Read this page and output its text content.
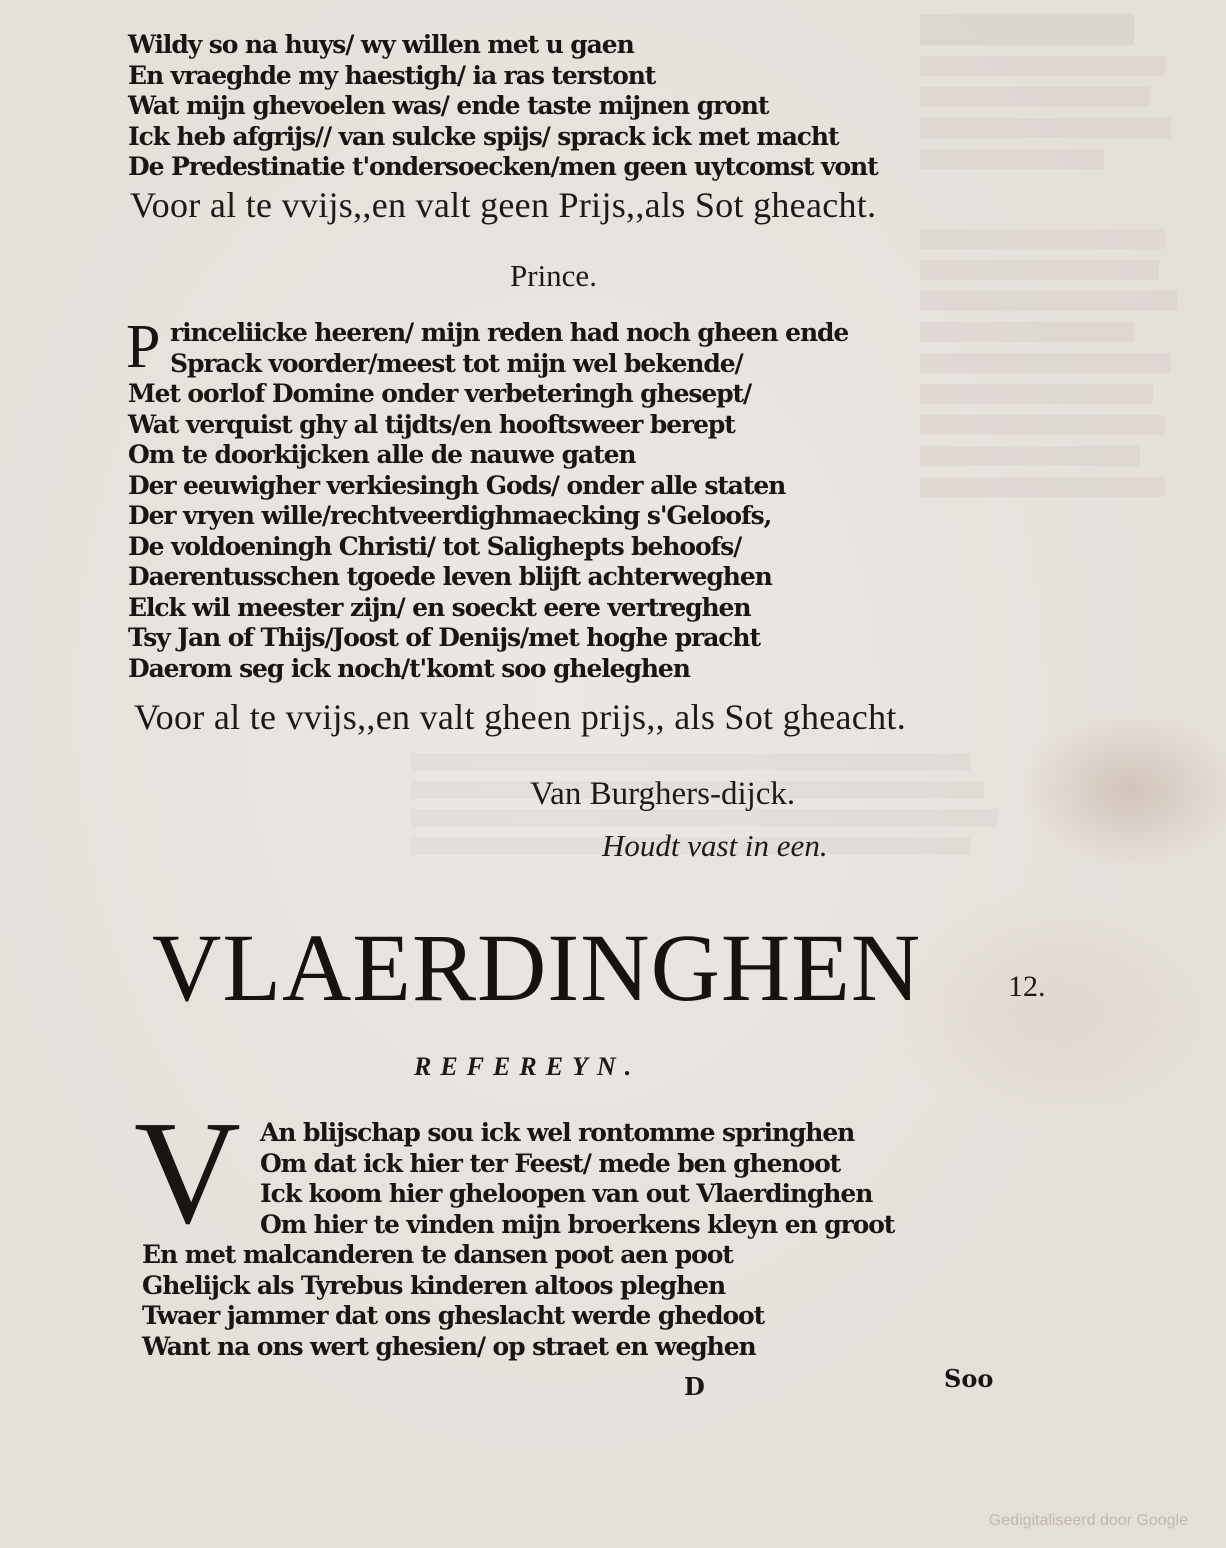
Wildy so na huys/ wy willen met u gaen
En vraeghde my haestigh/ ia ras terstont
Wat mijn ghevoelen was/ ende taste mijnen gront
Ick heb afgrijs// van sulcke spijs/ sprack ick met macht
De Predestinatie t'ondersoecken/men geen uytcomst vont
Voor al te vvijs,,en valt geen Prijs,,als Sot gheacht.
Prince.
P rinceliicke heeren/ mijn reden had noch gheen ende
Sprack voorder/meest tot mijn wel bekende/
Met oorlof Domine onder verbeteringh ghesept/
Wat verquist ghy al tijdts/en hooftsweer berept
Om te doorkijcken alle de nauwe gaten
Der eeuwigher verkiesingh Gods/ onder alle staten
Der vryen wille/rechtveerdighmaecking s'Geloofs,
De voldoeningh Christi/ tot Salighepts behoofs/
Daerentusschen tgoede leven blijft achterweghen
Elck wil meester zijn/ en soeckt eere vertreghen
Tsy Jan of Thijs/Joost of Denijs/met hoghe pracht
Daerom seg ick noch/t'komt soo gheleghen
Voor al te vvijs,,en valt gheen prijs,, als Sot gheacht.
Van Burghers-dijck.
Houdt vast in een.
VLAERDINGHEN	12.
REFEREYN.
V An blijschap sou ick wel rontomme springhen
Om dat ick hier ter Feest/ mede ben ghenoot
Ick koom hier gheloopen van out Vlaerdinghen
Om hier te vinden mijn broerkens kleyn en groot
En met malcanderen te dansen poot aen poot
Ghelijck als Tyrebus kinderen altoos pleghen
Twaer jammer dat ons gheslacht werde ghedoot
Want na ons wert ghesien/ op straet en weghen
D	Soo
Gedigitaliseerd door Google
